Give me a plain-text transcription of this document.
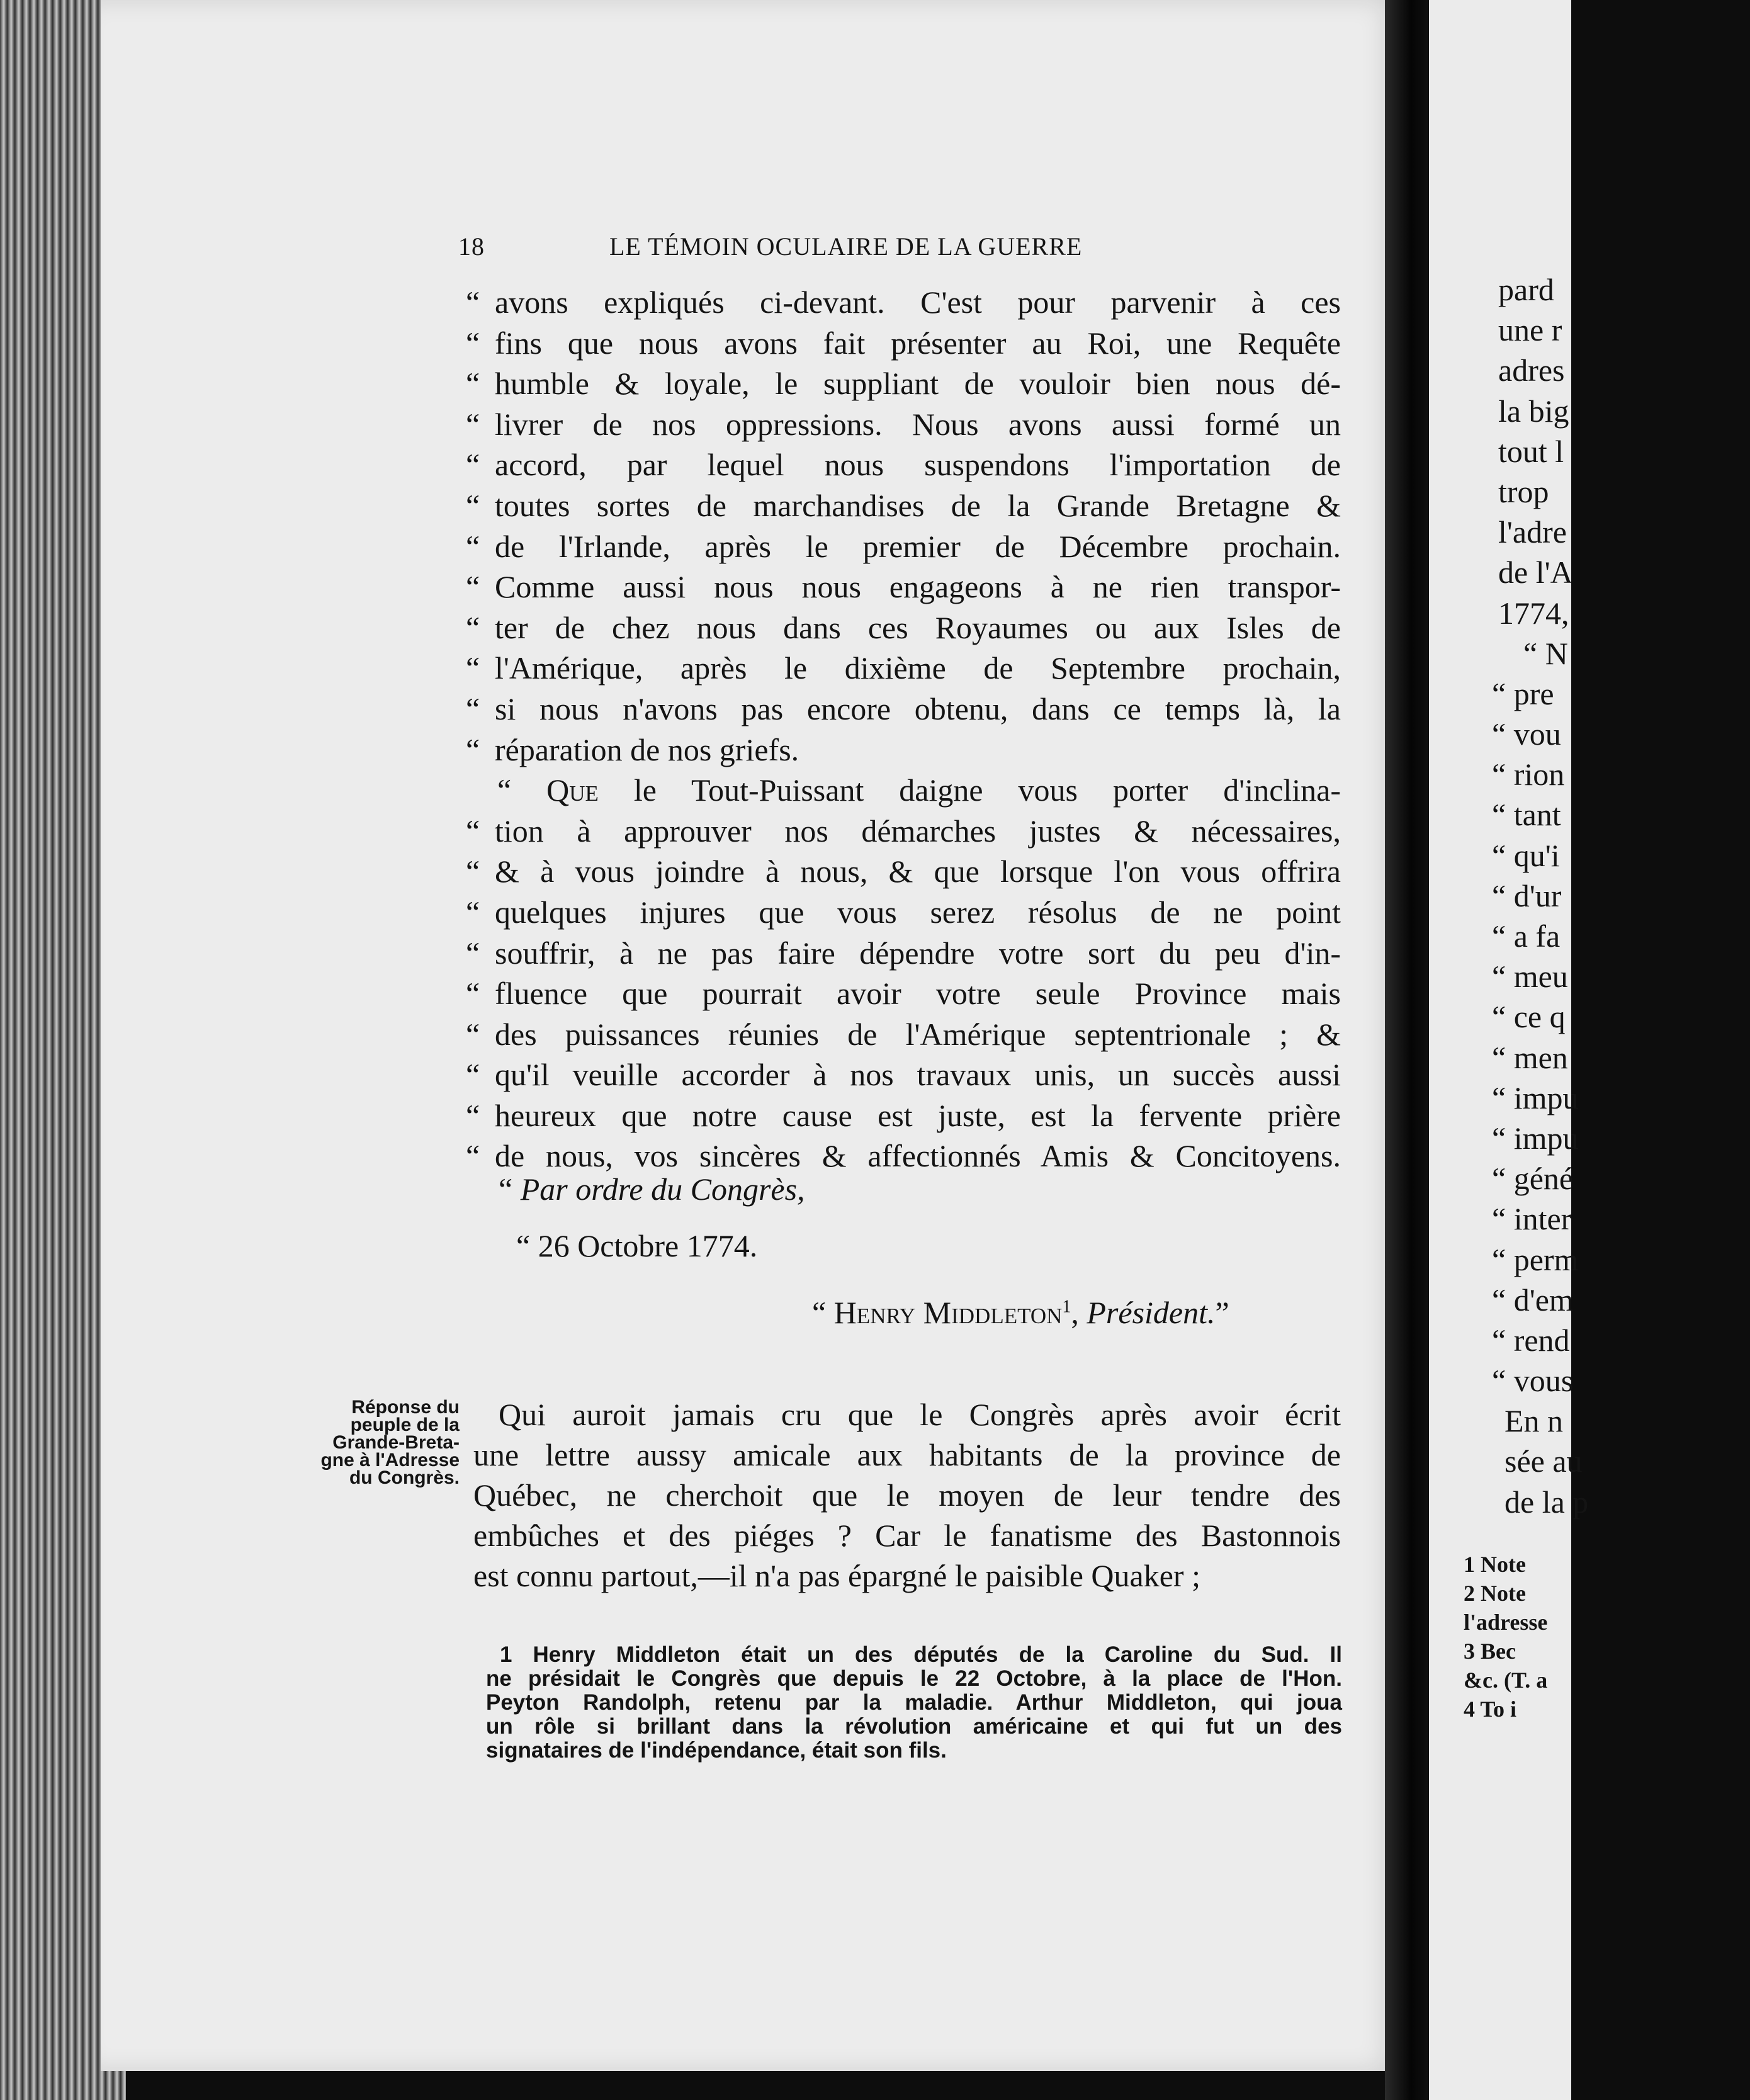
18	LE TÉMOIN OCULAIRE DE LA GUERRE
“ avons expliqués ci-devant. C'est pour parvenir à ces
“ fins que nous avons fait présenter au Roi, une Requête
“ humble & loyale, le suppliant de vouloir bien nous dé-
“ livrer de nos oppressions. Nous avons aussi formé un
“ accord, par lequel nous suspendons l'importation de
“ toutes sortes de marchandises de la Grande Bretagne &
“ de l'Irlande, après le premier de Décembre prochain.
“ Comme aussi nous nous engageons à ne rien transpor-
“ ter de chez nous dans ces Royaumes ou aux Isles de
“ l'Amérique, après le dixième de Septembre prochain,
“ si nous n'avons pas encore obtenu, dans ce temps là, la
“ réparation de nos griefs.
“ Que le Tout-Puissant daigne vous porter d'inclina-
“ tion à approuver nos démarches justes & nécessaires,
“ & à vous joindre à nous, & que lorsque l'on vous offrira
“ quelques injures que vous serez résolus de ne point
“ souffrir, à ne pas faire dépendre votre sort du peu d'in-
“ fluence que pourrait avoir votre seule Province mais
“ des puissances réunies de l'Amérique septentrionale ; &
“ qu'il veuille accorder à nos travaux unis, un succès aussi
“ heureux que notre cause est juste, est la fervente prière
“ de nous, vos sincères & affectionnés Amis & Concitoyens.
“ Par ordre du Congrès,
“ 26 Octobre 1774.
“ Henry Middleton$^1$, Président.”
Réponse du
peuple de la
Grande-Breta-
gne à l'Adresse
du Congrès.
Qui auroit jamais cru que le Congrès après avoir écrit
une lettre aussy amicale aux habitants de la province de
Québec, ne cherchoit que le moyen de leur tendre des
embûches et des piéges ? Car le fanatisme des Bastonnois
est connu partout,—il n'a pas épargné le paisible Quaker ;
1 Henry Middleton était un des députés de la Caroline du Sud. Il
ne présidait le Congrès que depuis le 22 Octobre, à la place de l'Hon.
Peyton Randolph, retenu par la maladie. Arthur Middleton, qui joua
un rôle si brillant dans la révolution américaine et qui fut un des
signataires de l'indépendance, était son fils.
pard
une r
adres
la big
tout l
trop
l'adre
de l'A
1774,
“ N
“ pre
“ vou
“ rion
“ tant
“ qu'i
“ d'ur
“ a fa
“ meu
“ ce q
“ men
“ impu
“ impu
“ géné
“ inter
“ perm
“ d'em
“ rend
“ vous
En n
sée au
de la p
1 Note
2 Note
l'adresse
3 Bec
&c. (T. a
4 To i
